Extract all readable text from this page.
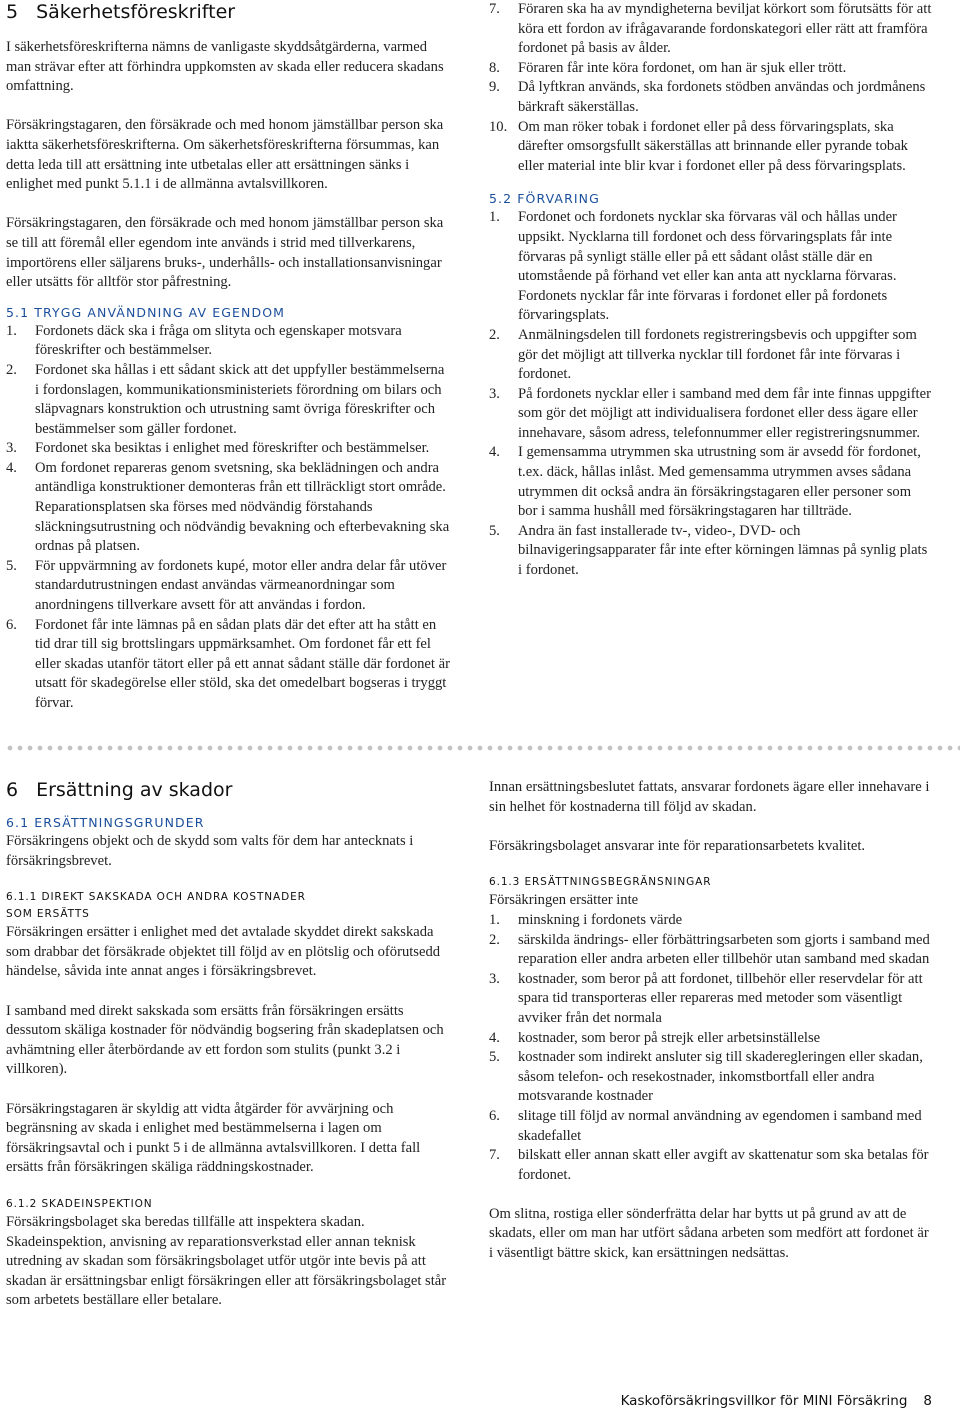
5 Säkerhetsföreskrifter

I säkerhetsföreskrifterna nämns de vanligaste skyddsåtgärderna, varmed man strävar efter att förhindra uppkomsten av skada eller reducera skadans omfattning.

Försäkringstagaren, den försäkrade och med honom jämställbar person ska iaktta säkerhetsföreskrifterna. Om säkerhetsföreskrifterna försummas, kan detta leda till att ersättning inte utbetalas eller att ersättningen sänks i enlighet med punkt 5.1.1 i de allmänna avtalsvillkoren.

Försäkringstagaren, den försäkrade och med honom jämställbar person ska se till att föremål eller egendom inte används i strid med tillverkarens, importörens eller säljarens bruks-, underhålls- och installationsanvisningar eller utsätts för alltför stor påfrestning.

5.1 TRYGG ANVÄNDNING AV EGENDOM
1. Fordonets däck ska i fråga om slityta och egenskaper motsvara föreskrifter och bestämmelser.
2. Fordonet ska hållas i ett sådant skick att det uppfyller bestämmelserna i fordonslagen, kommunikationsministeriets förordning om bilars och släpvagnars konstruktion och utrustning samt övriga föreskrifter och bestämmelser som gäller fordonet.
3. Fordonet ska besiktas i enlighet med föreskrifter och bestämmelser.
4. Om fordonet repareras genom svetsning, ska beklädningen och andra antändliga konstruktioner demonteras från ett tillräckligt stort område. Reparationsplatsen ska förses med nödvändig förstahands släckningsutrustning och nödvändig bevakning och efterbevakning ska ordnas på platsen.
5. För uppvärmning av fordonets kupé, motor eller andra delar får utöver standardutrustningen endast användas värmeanordningar som anordningens tillverkare avsett för att användas i fordon.
6. Fordonet får inte lämnas på en sådan plats där det efter att ha stått en tid drar till sig brottslingars uppmärksamhet. Om fordonet får ett fel eller skadas utanför tätort eller på ett annat sådant ställe där fordonet är utsatt för skadegörelse eller stöld, ska det omedelbart bogseras i tryggt förvar.
7. Föraren ska ha av myndigheterna beviljat körkort som förutsätts för att köra ett fordon av ifrågavarande fordonskategori eller rätt att framföra fordonet på basis av ålder.
8. Föraren får inte köra fordonet, om han är sjuk eller trött.
9. Då lyftkran används, ska fordonets stödben användas och jordmånens bärkraft säkerställas.
10. Om man röker tobak i fordonet eller på dess förvaringsplats, ska därefter omsorgsfullt säkerställas att brinnande eller pyrande tobak eller material inte blir kvar i fordonet eller på dess förvaringsplats.
5.2 FÖRVARING
1. Fordonet och fordonets nycklar ska förvaras väl och hållas under uppsikt. Nycklarna till fordonet och dess förvaringsplats får inte förvaras på synligt ställe eller på ett sådant olåst ställe där en utomstående på förhand vet eller kan anta att nycklarna förvaras. Fordonets nycklar får inte förvaras i fordonet eller på fordonets förvaringsplats.
2. Anmälningsdelen till fordonets registreringsbevis och uppgifter som gör det möjligt att tillverka nycklar till fordonet får inte förvaras i fordonet.
3. På fordonets nycklar eller i samband med dem får inte finnas uppgifter som gör det möjligt att individualisera fordonet eller dess ägare eller innehavare, såsom adress, telefonnummer eller registreringsnummer.
4. I gemensamma utrymmen ska utrustning som är avsedd för fordonet, t.ex. däck, hållas inlåst. Med gemensamma utrymmen avses sådana utrymmen dit också andra än försäkringstagaren eller personer som bor i samma hushåll med försäkringstagaren har tillträde.
5. Andra än fast installerade tv-, video-, DVD- och bilnavigeringsapparater får inte efter körningen lämnas på synlig plats i fordonet.
6 Ersättning av skador
6.1 ERSÄTTNINGSGRUNDER

Försäkringens objekt och de skydd som valts för dem har antecknats i försäkringsbrevet.

6.1.1 DIREKT SAKSKADA OCH ANDRA KOSTNADER
SOM ERSÄTTS

Försäkringen ersätter i enlighet med det avtalade skyddet direkt sakskada som drabbar det försäkrade objektet till följd av en plötslig och oförutsedd händelse, såvida inte annat anges i försäkringsbrevet.

I samband med direkt sakskada som ersätts från försäkringen ersätts dessutom skäliga kostnader för nödvändig bogsering från skadeplatsen och avhämtning eller återbördande av ett fordon som stulits (punkt 3.2 i villkoren).

Försäkringstagaren är skyldig att vidta åtgärder för avvärjning och begränsning av skada i enlighet med bestämmelserna i lagen om försäkringsavtal och i punkt 5 i de allmänna avtalsvillkoren. I detta fall ersätts från försäkringen skäliga räddningskostnader.

6.1.2 SKADEINSPEKTION

Försäkringsbolaget ska beredas tillfälle att inspektera skadan. Skadeinspektion, anvisning av reparationsverkstad eller annan teknisk utredning av skadan som försäkringsbolaget utför utgör inte bevis på att skadan är ersättningsbar enligt försäkringen eller att försäkringsbolaget står som arbetets beställare eller betalare.

Innan ersättningsbeslutet fattats, ansvarar fordonets ägare eller innehavare i sin helhet för kostnaderna till följd av skadan.

Försäkringsbolaget ansvarar inte för reparationsarbetets kvalitet.

6.1.3 ERSÄTTNINGSBEGRÄNSNINGAR

Försäkringen ersätter inte

1. minskning i fordonets värde
2. särskilda ändrings- eller förbättringsarbeten som gjorts i samband med reparation eller andra arbeten eller tillbehör utan samband med skadan
3. kostnader, som beror på att fordonet, tillbehör eller reservdelar för att spara tid transporteras eller repareras med metoder som väsentligt avviker från det normala
4. kostnader, som beror på strejk eller arbetsinställelse
5. kostnader som indirekt ansluter sig till skaderegleringen eller skadan, såsom telefon- och resekostnader, inkomstbortfall eller andra motsvarande kostnader
6. slitage till följd av normal användning av egendomen i samband med skadefallet
7. bilskatt eller annan skatt eller avgift av skattenatur som ska betalas för fordonet.

Om slitna, rostiga eller sönderfrätta delar har bytts ut på grund av att de skadats, eller om man har utfört sådana arbeten som medfört att fordonet är i väsentligt bättre skick, kan ersättningen nedsättas.

Kaskoförsäkringsvillkor för MINI Försäkring 8
